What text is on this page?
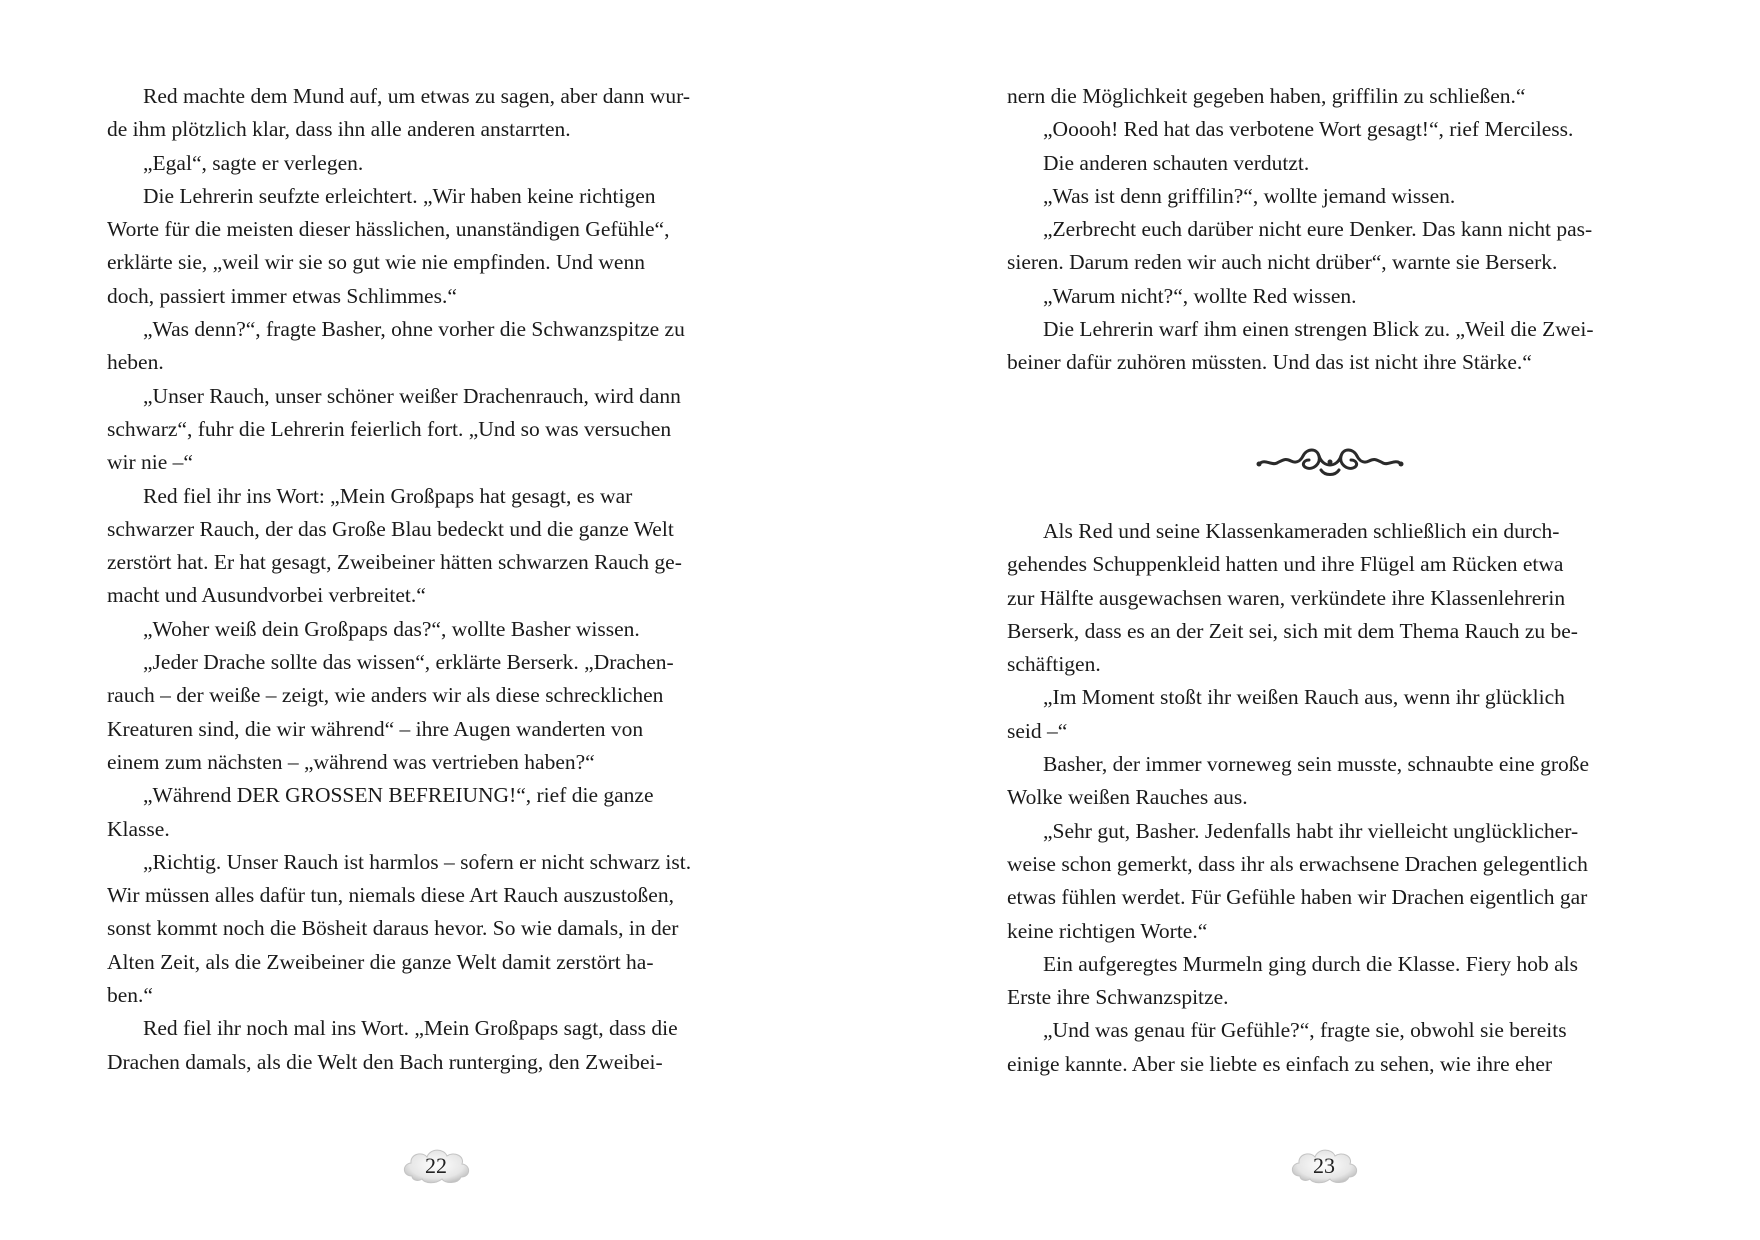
Red machte dem Mund auf, um etwas zu sagen, aber dann wur-
de ihm plötzlich klar, dass ihn alle anderen anstarrten.
„Egal“, sagte er verlegen.
Die Lehrerin seufzte erleichtert. „Wir haben keine richtigen
Worte für die meisten dieser hässlichen, unanständigen Gefühle“,
erklärte sie, „weil wir sie so gut wie nie empfinden. Und wenn
doch, passiert immer etwas Schlimmes.“
„Was denn?“, fragte Basher, ohne vorher die Schwanzspitze zu
heben.
„Unser Rauch, unser schöner weißer Drachenrauch, wird dann
schwarz“, fuhr die Lehrerin feierlich fort. „Und so was versuchen
wir nie –“
Red fiel ihr ins Wort: „Mein Großpaps hat gesagt, es war
schwarzer Rauch, der das Große Blau bedeckt und die ganze Welt
zerstört hat. Er hat gesagt, Zweibeiner hätten schwarzen Rauch ge-
macht und Ausundvorbei verbreitet.“
„Woher weiß dein Großpaps das?“, wollte Basher wissen.
„Jeder Drache sollte das wissen“, erklärte Berserk. „Drachen-
rauch – der weiße – zeigt, wie anders wir als diese schrecklichen
Kreaturen sind, die wir während“ – ihre Augen wanderten von
einem zum nächsten – „während was vertrieben haben?“
„Während DER GROSSEN BEFREIUNG!“, rief die ganze
Klasse.
„Richtig. Unser Rauch ist harmlos – sofern er nicht schwarz ist.
Wir müssen alles dafür tun, niemals diese Art Rauch auszustoßen,
sonst kommt noch die Bösheit daraus hevor. So wie damals, in der
Alten Zeit, als die Zweibeiner die ganze Welt damit zerstört ha-
ben.“
Red fiel ihr noch mal ins Wort. „Mein Großpaps sagt, dass die
Drachen damals, als die Welt den Bach runterging, den Zweibei-
22
nern die Möglichkeit gegeben haben, griffilin zu schließen.“
„Ooooh! Red hat das verbotene Wort gesagt!“, rief Merciless.
Die anderen schauten verdutzt.
„Was ist denn griffilin?“, wollte jemand wissen.
„Zerbrecht euch darüber nicht eure Denker. Das kann nicht pas-
sieren. Darum reden wir auch nicht drüber“, warnte sie Berserk.
„Warum nicht?“, wollte Red wissen.
Die Lehrerin warf ihm einen strengen Blick zu. „Weil die Zwei-
beiner dafür zuhören müssten. Und das ist nicht ihre Stärke.“
Als Red und seine Klassenkameraden schließlich ein durch-
gehendes Schuppenkleid hatten und ihre Flügel am Rücken etwa
zur Hälfte ausgewachsen waren, verkündete ihre Klassenlehrerin
Berserk, dass es an der Zeit sei, sich mit dem Thema Rauch zu be-
schäftigen.
„Im Moment stoßt ihr weißen Rauch aus, wenn ihr glücklich
seid –“
Basher, der immer vorneweg sein musste, schnaubte eine große
Wolke weißen Rauches aus.
„Sehr gut, Basher. Jedenfalls habt ihr vielleicht unglücklicher-
weise schon gemerkt, dass ihr als erwachsene Drachen gelegentlich
etwas fühlen werdet. Für Gefühle haben wir Drachen eigentlich gar
keine richtigen Worte.“
Ein aufgeregtes Murmeln ging durch die Klasse. Fiery hob als
Erste ihre Schwanzspitze.
„Und was genau für Gefühle?“, fragte sie, obwohl sie bereits
einige kannte. Aber sie liebte es einfach zu sehen, wie ihre eher
23
